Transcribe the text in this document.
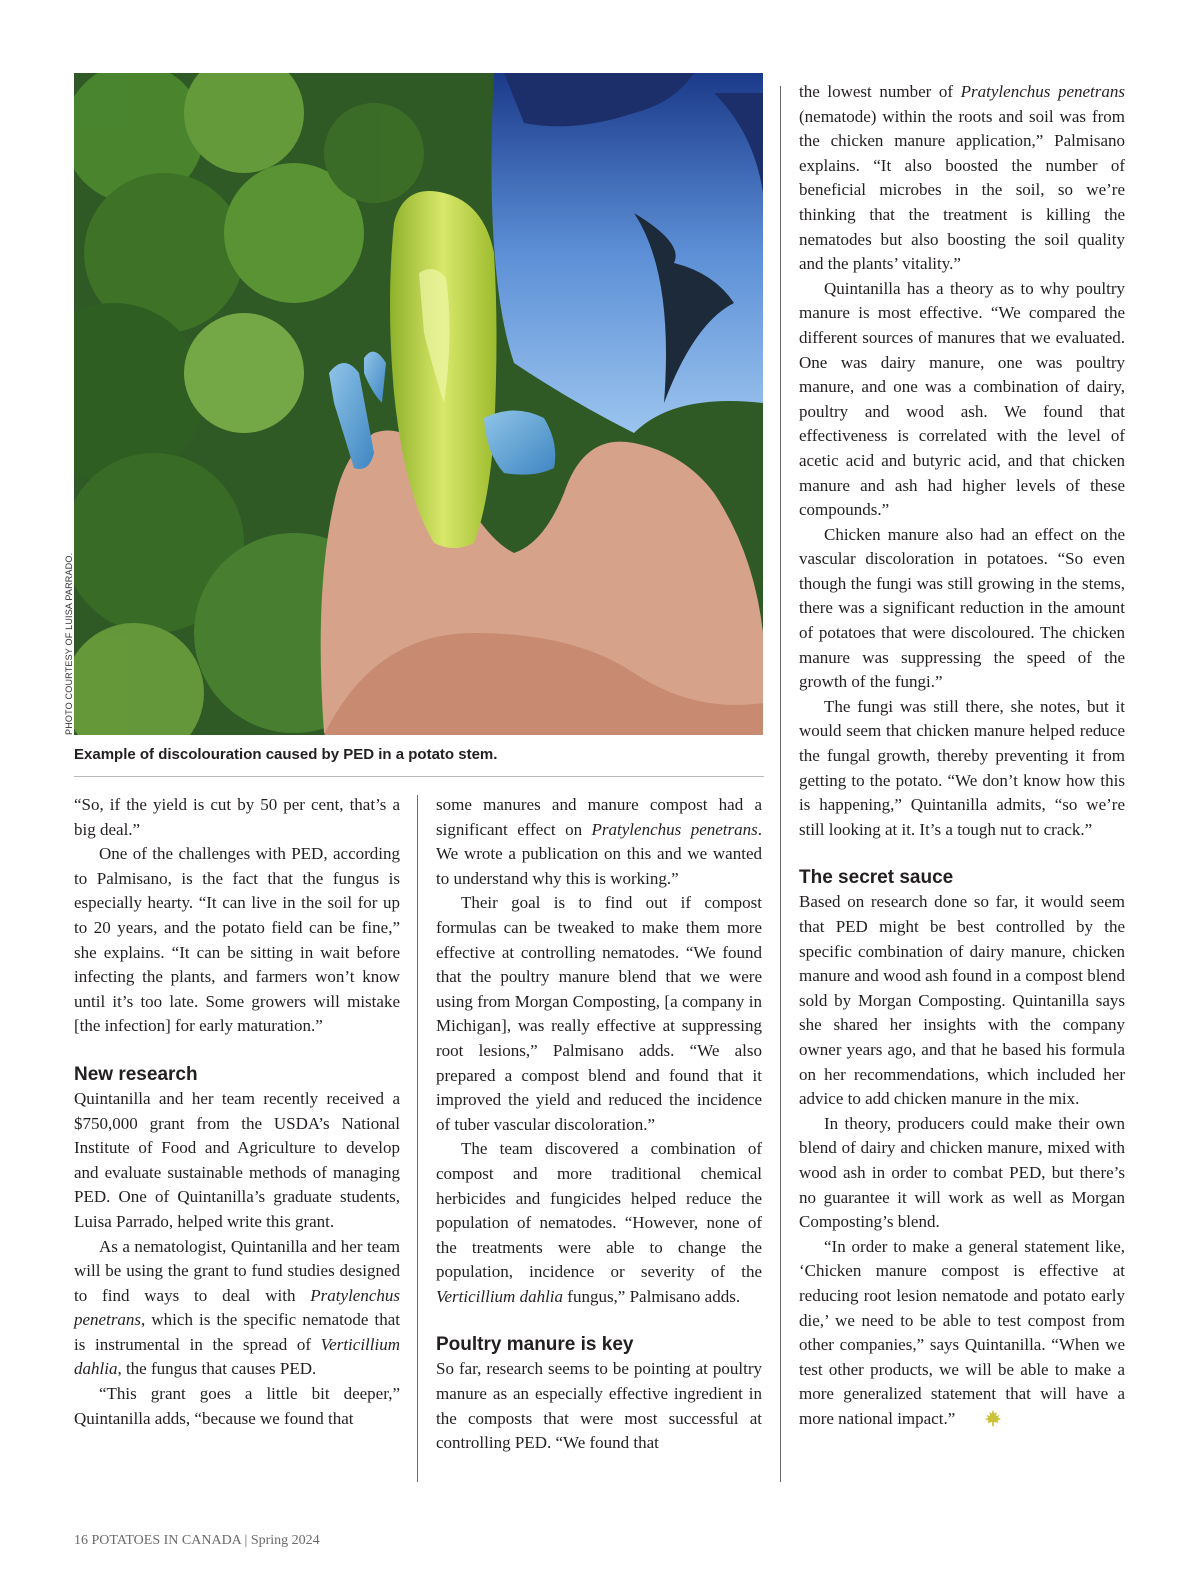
PHOTO COURTESY OF LUISA PARRADO.
Example of discolouration caused by PED in a potato stem.

“So, if the yield is cut by 50 per cent, that’s a big deal.”

One of the challenges with PED, according to Palmisano, is the fact that the fungus is especially hearty. “It can live in the soil for up to 20 years, and the potato field can be fine,” she explains. “It can be sitting in wait before infecting the plants, and farmers won’t know until it’s too late. Some growers will mistake [the infection] for early maturation.”

New research

Quintanilla and her team recently received a $750,000 grant from the USDA’s National Institute of Food and Agriculture to develop and evaluate sustainable methods of managing PED. One of Quintanilla’s graduate students, Luisa Parrado, helped write this grant.

As a nematologist, Quintanilla and her team will be using the grant to fund studies designed to find ways to deal with Pratylenchus penetrans, which is the specific nematode that is instrumental in the spread of Verticillium dahlia, the fungus that causes PED.

“This grant goes a little bit deeper,” Quintanilla adds, “because we found that

some manures and manure compost had a significant effect on Pratylenchus penetrans. We wrote a publication on this and we wanted to understand why this is working.”

Their goal is to find out if compost formulas can be tweaked to make them more effective at controlling nematodes. “We found that the poultry manure blend that we were using from Morgan Composting, [a company in Michigan], was really effective at suppressing root lesions,” Palmisano adds. “We also prepared a compost blend and found that it improved the yield and reduced the incidence of tuber vascular discoloration.”

The team discovered a combination of compost and more traditional chemical herbicides and fungicides helped reduce the population of nematodes. “However, none of the treatments were able to change the population, incidence or severity of the Verticillium dahlia fungus,” Palmisano adds.

Poultry manure is key

So far, research seems to be pointing at poultry manure as an especially effective ingredient in the composts that were most successful at controlling PED. “We found that

the lowest number of Pratylenchus penetrans (nematode) within the roots and soil was from the chicken manure application,” Palmisano explains. “It also boosted the number of beneficial microbes in the soil, so we’re thinking that the treatment is killing the nematodes but also boosting the soil quality and the plants’ vitality.”

Quintanilla has a theory as to why poultry manure is most effective. “We compared the different sources of manures that we evaluated. One was dairy manure, one was poultry manure, and one was a combination of dairy, poultry and wood ash. We found that effectiveness is correlated with the level of acetic acid and butyric acid, and that chicken manure and ash had higher levels of these compounds.”

Chicken manure also had an effect on the vascular discoloration in potatoes. “So even though the fungi was still growing in the stems, there was a significant reduction in the amount of potatoes that were discoloured. The chicken manure was suppressing the speed of the growth of the fungi.”

The fungi was still there, she notes, but it would seem that chicken manure helped reduce the fungal growth, thereby preventing it from getting to the potato. “We don’t know how this is happening,” Quintanilla admits, “so we’re still looking at it. It’s a tough nut to crack.”

The secret sauce

Based on research done so far, it would seem that PED might be best controlled by the specific combination of dairy manure, chicken manure and wood ash found in a compost blend sold by Morgan Composting. Quintanilla says she shared her insights with the company owner years ago, and that he based his formula on her recommendations, which included her advice to add chicken manure in the mix.

In theory, producers could make their own blend of dairy and chicken manure, mixed with wood ash in order to combat PED, but there’s no guarantee it will work as well as Morgan Composting’s blend.

“In order to make a general statement like, ‘Chicken manure compost is effective at reducing root lesion nematode and potato early die,’ we need to be able to test compost from other companies,” says Quintanilla. “When we test other products, we will be able to make a more generalized statement that will have a more national impact.”

16 POTATOES IN CANADA | Spring 2024
